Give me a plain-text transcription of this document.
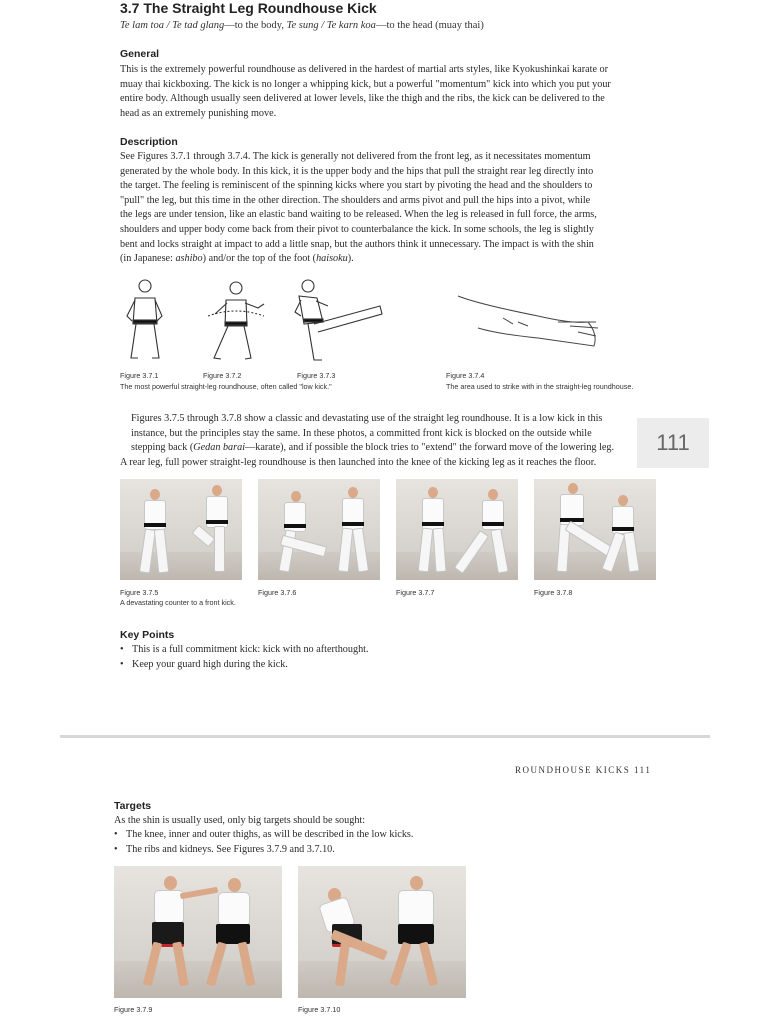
3.7 The Straight Leg Roundhouse Kick
Te lam toa / Te tad glang—to the body, Te sung / Te karn koa—to the head (muay thai)
General
This is the extremely powerful roundhouse as delivered in the hardest of martial arts styles, like Kyokushinkai karate or
muay thai kickboxing. The kick is no longer a whipping kick, but a powerful "momentum" kick into which you put your
entire body. Although usually seen delivered at lower levels, like the thigh and the ribs, the kick can be delivered to the
head as an extremely punishing move.
Description
See Figures 3.7.1 through 3.7.4. The kick is generally not delivered from the front leg, as it necessitates momentum
generated by the whole body. In this kick, it is the upper body and the hips that pull the straight rear leg directly into
the target. The feeling is reminiscent of the spinning kicks where you start by pivoting the head and the shoulders to
"pull" the leg, but this time in the other direction. The shoulders and arms pivot and pull the hips into a pivot, while
the legs are under tension, like an elastic band waiting to be released. When the leg is released in full force, the arms,
shoulders and upper body come back from their pivot to counterbalance the kick. In some schools, the leg is slightly
bent and locks straight at impact to add a little snap, but the authors think it unnecessary. The impact is with the shin
(in Japanese: ashibo) and/or the top of the foot (haisoku).
Figure 3.7.1	Figure 3.7.2	Figure 3.7.3	Figure 3.7.4
The most powerful straight-leg roundhouse, often called "low kick."	The area used to strike with in the straight-leg roundhouse.
Figures 3.7.5 through 3.7.8 show a classic and devastating use of the straight leg roundhouse. It is a low kick in this
instance, but the principles stay the same. In these photos, a committed front kick is blocked on the outside while
stepping back (Gedan barai—karate), and if possible the block tries to "extend" the forward move of the lowering leg.
A rear leg, full power straight-leg roundhouse is then launched into the knee of the kicking leg as it reaches the floor.
111
Figure 3.7.5	Figure 3.7.6	Figure 3.7.7	Figure 3.7.8
A devastating counter to a front kick.
Key Points
• This is a full commitment kick: kick with no afterthought.
• Keep your guard high during the kick.
ROUNDHOUSE KICKS 111
Targets
As the shin is usually used, only big targets should be sought:
• The knee, inner and outer thighs, as will be described in the low kicks.
• The ribs and kidneys. See Figures 3.7.9 and 3.7.10.
Figure 3.7.9	Figure 3.7.10
